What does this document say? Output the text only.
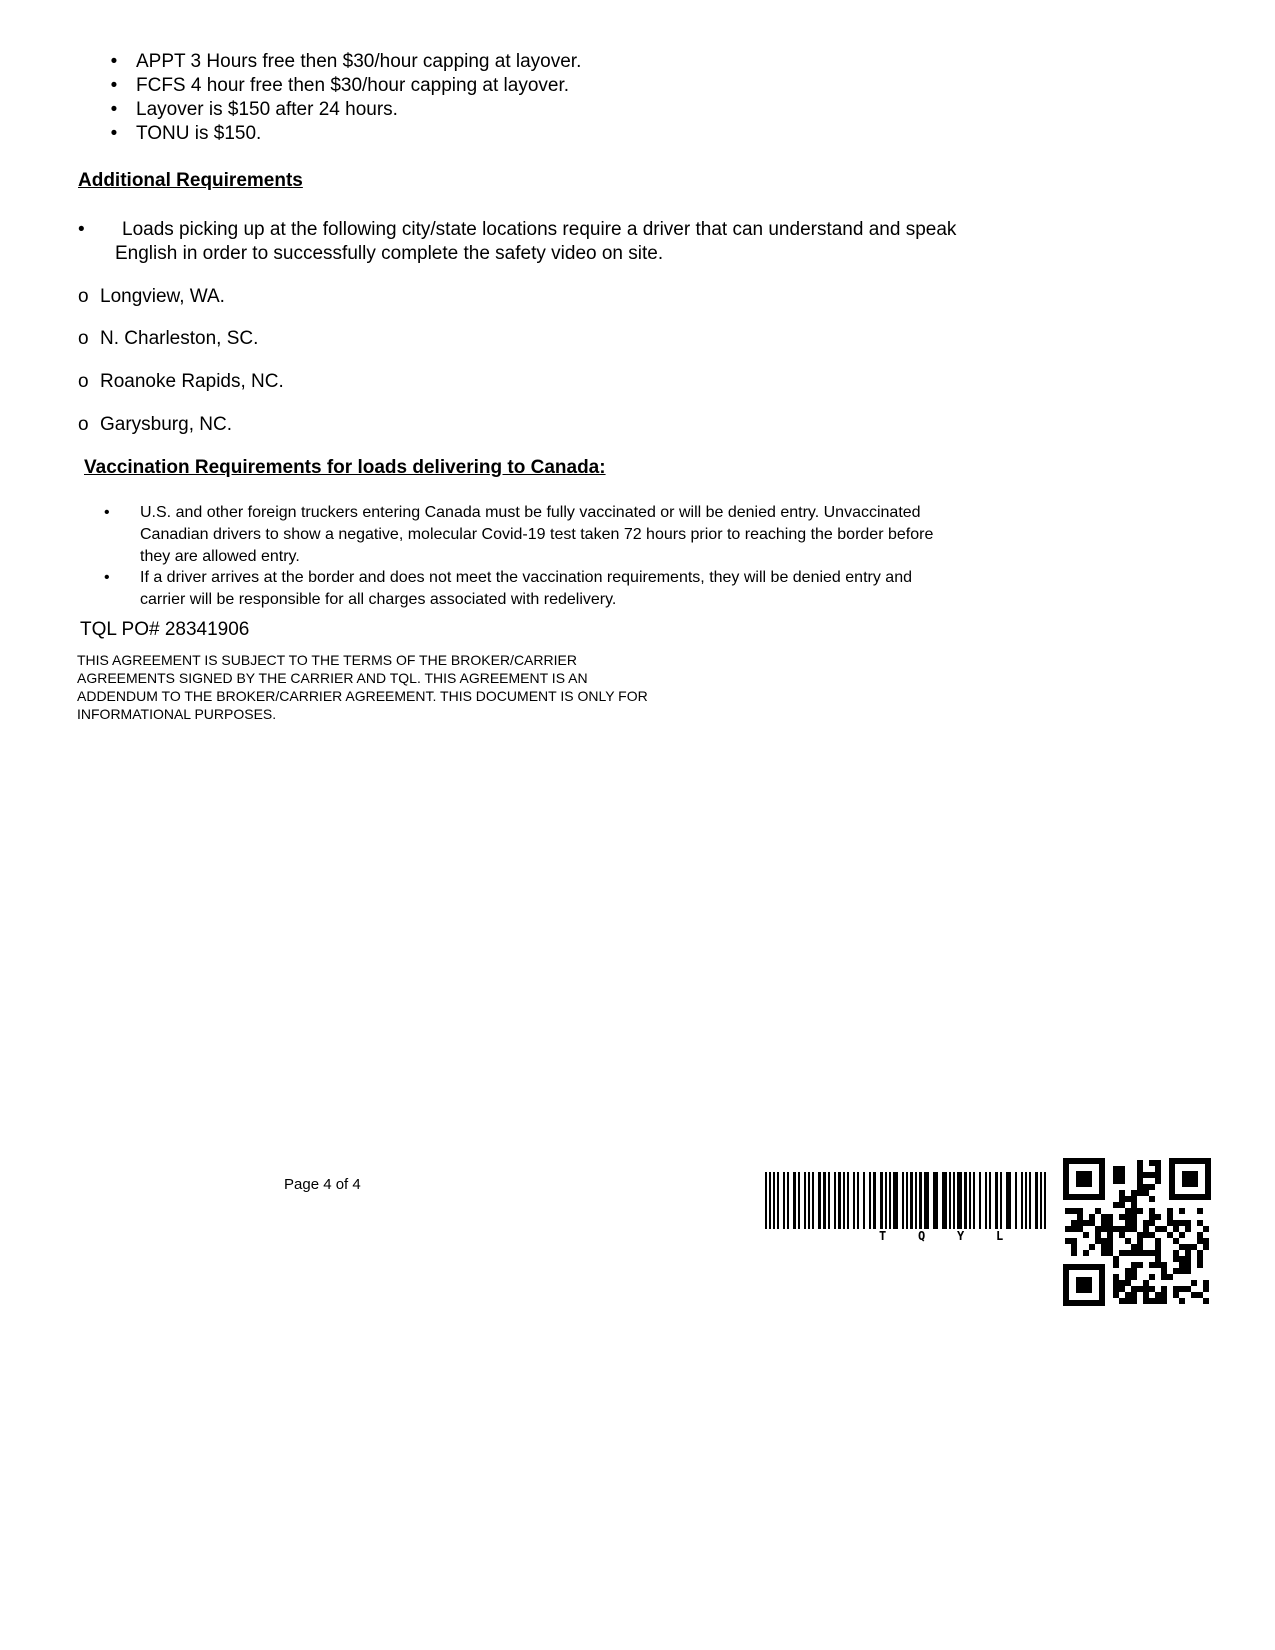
• APPT 3 Hours free then $30/hour capping at layover.
• FCFS 4 hour free then $30/hour capping at layover.
• Layover is $150 after 24 hours.
• TONU is $150.
Additional Requirements
• Loads picking up at the following city/state locations require a driver that can understand and speak
English in order to successfully complete the safety video on site.
o Longview, WA.
o N. Charleston, SC.
o Roanoke Rapids, NC.
o Garysburg, NC.
Vaccination Requirements for loads delivering to Canada:
• U.S. and other foreign truckers entering Canada must be fully vaccinated or will be denied entry. Unvaccinated
Canadian drivers to show a negative, molecular Covid-19 test taken 72 hours prior to reaching the border before
they are allowed entry.
• If a driver arrives at the border and does not meet the vaccination requirements, they will be denied entry and
carrier will be responsible for all charges associated with redelivery.
TQL PO# 28341906
THIS AGREEMENT IS SUBJECT TO THE TERMS OF THE BROKER/CARRIER
AGREEMENTS SIGNED BY THE CARRIER AND TQL. THIS AGREEMENT IS AN
ADDENDUM TO THE BROKER/CARRIER AGREEMENT. THIS DOCUMENT IS ONLY FOR
INFORMATIONAL PURPOSES.
Page 4 of 4
T	Q	Y	L
